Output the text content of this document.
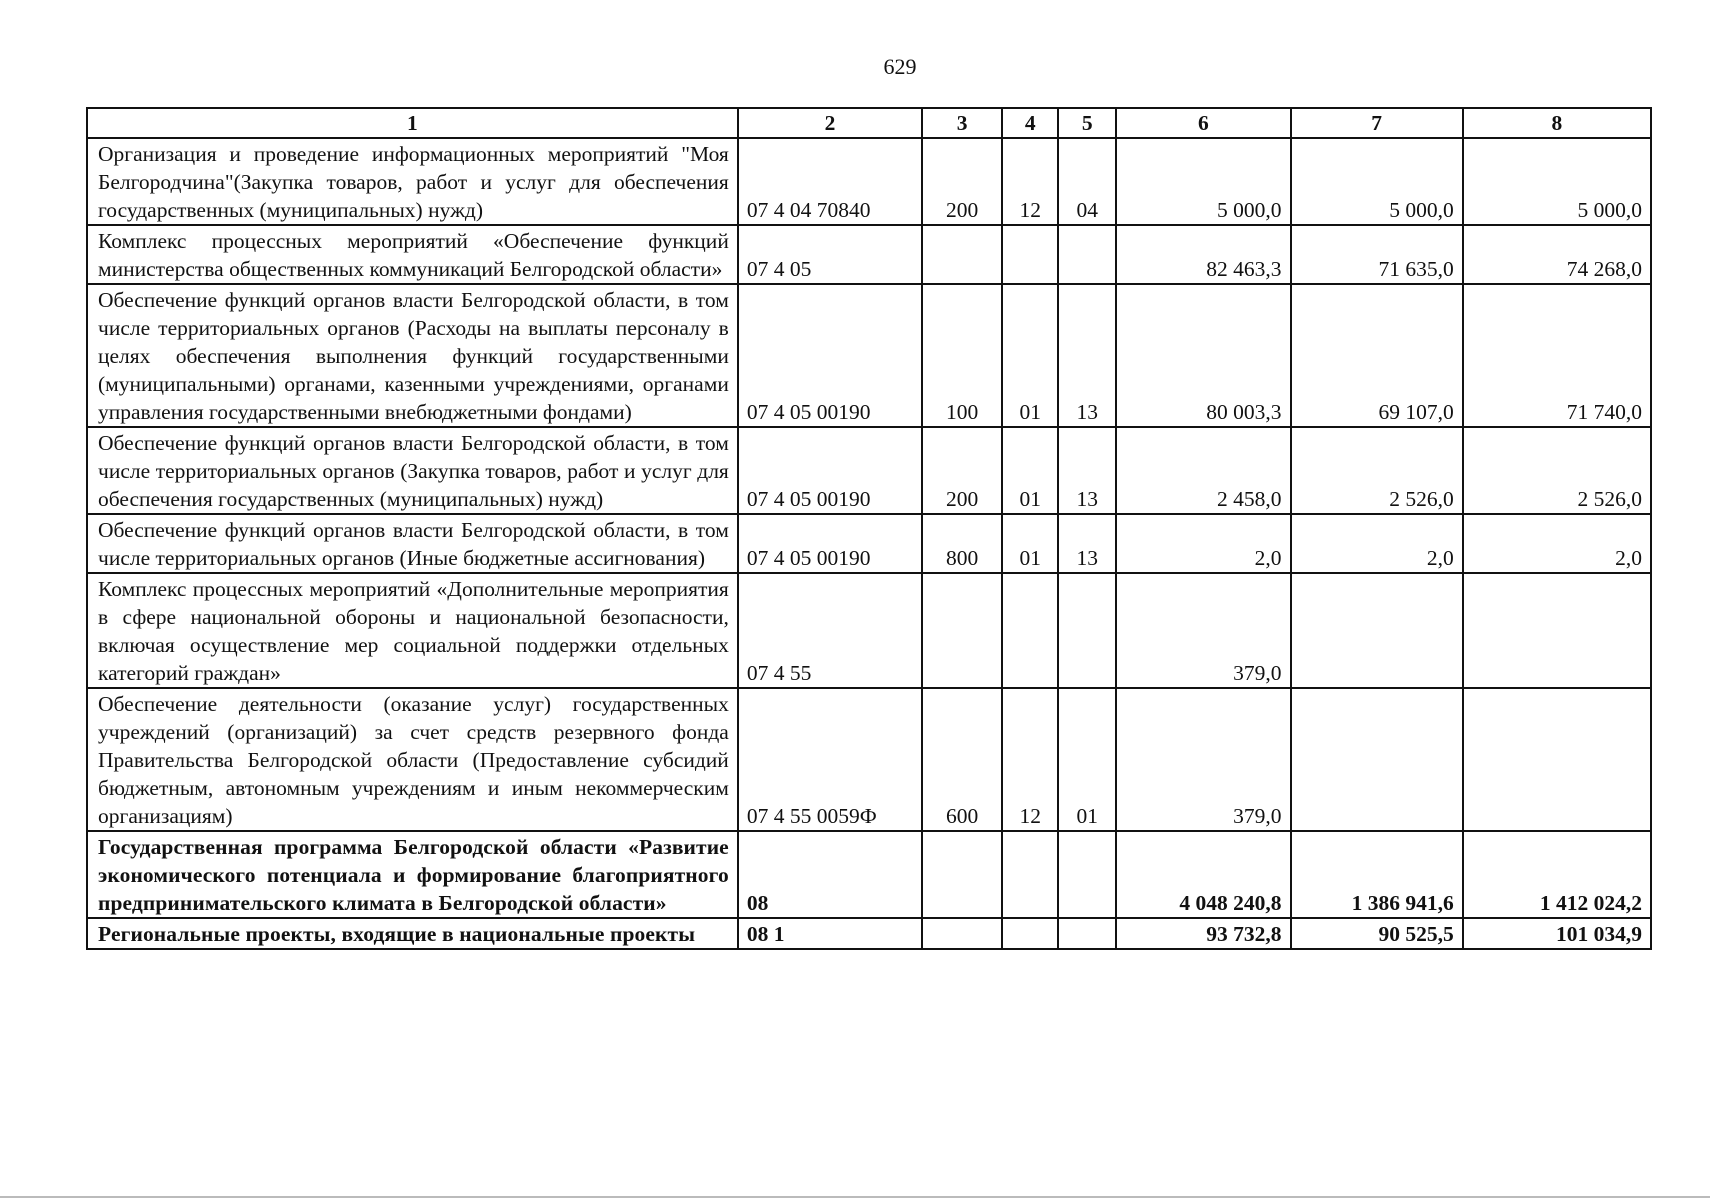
629
1	2	3	4	5	6	7	8
Организация и проведение информационных мероприятий "Моя Белгородчина"(Закупка товаров, работ и услуг для обеспечения государственных (муниципальных) нужд)	07 4 04 70840	200	12	04	5 000,0	5 000,0	5 000,0
Комплекс процессных мероприятий «Обеспечение функций министерства общественных коммуникаций Белгородской области»	07 4 05				82 463,3	71 635,0	74 268,0
Обеспечение функций органов власти Белгородской области, в том числе территориальных органов (Расходы на выплаты персоналу в целях обеспечения выполнения функций государственными (муниципальными) органами, казенными учреждениями, органами управления государственными внебюджетными фондами)	07 4 05 00190	100	01	13	80 003,3	69 107,0	71 740,0
Обеспечение функций органов власти Белгородской области, в том числе территориальных органов (Закупка товаров, работ и услуг для обеспечения государственных (муниципальных) нужд)	07 4 05 00190	200	01	13	2 458,0	2 526,0	2 526,0
Обеспечение функций органов власти Белгородской области, в том числе территориальных органов (Иные бюджетные ассигнования)	07 4 05 00190	800	01	13	2,0	2,0	2,0
Комплекс процессных мероприятий «Дополнительные мероприятия в сфере национальной обороны и национальной безопасности, включая осуществление мер социальной поддержки отдельных категорий граждан»	07 4 55				379,0		
Обеспечение деятельности (оказание услуг) государственных учреждений (организаций) за счет средств резервного фонда Правительства Белгородской области (Предоставление субсидий бюджетным, автономным учреждениям и иным некоммерческим организациям)	07 4 55 0059Ф	600	12	01	379,0		
Государственная программа Белгородской области «Развитие экономического потенциала и формирование благоприятного предпринимательского климата в Белгородской области»	08				4 048 240,8	1 386 941,6	1 412 024,2
Региональные проекты, входящие в национальные проекты	08 1				93 732,8	90 525,5	101 034,9
